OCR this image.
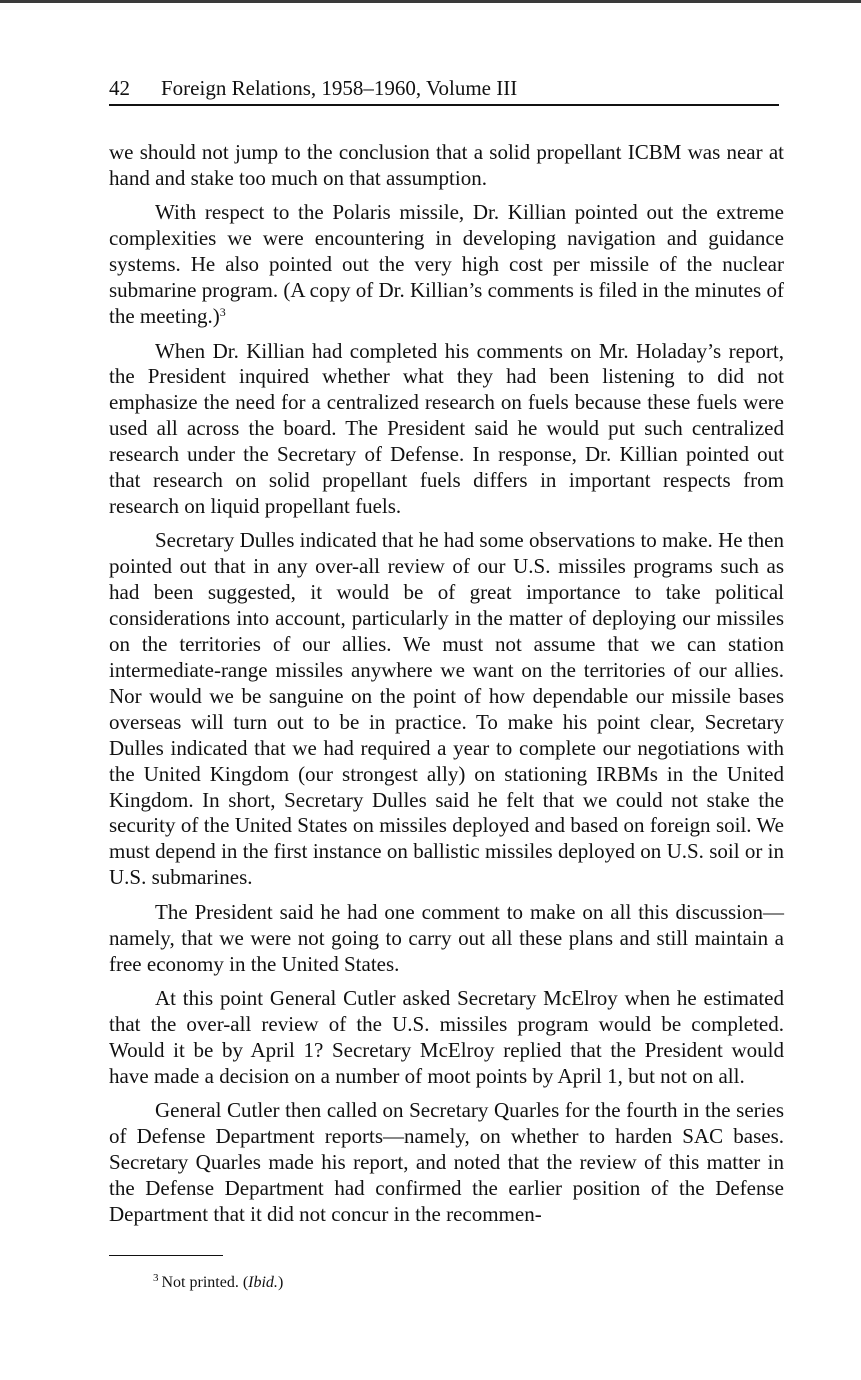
42 Foreign Relations, 1958–1960, Volume III

we should not jump to the conclusion that a solid propellant ICBM was near at hand and stake too much on that assumption.

With respect to the Polaris missile, Dr. Killian pointed out the extreme complexities we were encountering in developing navigation and guidance systems. He also pointed out the very high cost per missile of the nuclear submarine program. (A copy of Dr. Killian’s comments is filed in the minutes of the meeting.)$^3$

When Dr. Killian had completed his comments on Mr. Holaday’s report, the President inquired whether what they had been listening to did not emphasize the need for a centralized research on fuels because these fuels were used all across the board. The President said he would put such centralized research under the Secretary of Defense. In response, Dr. Killian pointed out that research on solid propellant fuels differs in important respects from research on liquid propellant fuels.

Secretary Dulles indicated that he had some observations to make. He then pointed out that in any over-all review of our U.S. missiles programs such as had been suggested, it would be of great importance to take political considerations into account, particularly in the matter of deploying our missiles on the territories of our allies. We must not assume that we can station intermediate-range missiles anywhere we want on the territories of our allies. Nor would we be sanguine on the point of how dependable our missile bases overseas will turn out to be in practice. To make his point clear, Secretary Dulles indicated that we had required a year to complete our negotiations with the United Kingdom (our strongest ally) on stationing IRBMs in the United Kingdom. In short, Secretary Dulles said he felt that we could not stake the security of the United States on missiles deployed and based on foreign soil. We must depend in the first instance on ballistic missiles deployed on U.S. soil or in U.S. submarines.

The President said he had one comment to make on all this discussion—namely, that we were not going to carry out all these plans and still maintain a free economy in the United States.

At this point General Cutler asked Secretary McElroy when he estimated that the over-all review of the U.S. missiles program would be completed. Would it be by April 1? Secretary McElroy replied that the President would have made a decision on a number of moot points by April 1, but not on all.

General Cutler then called on Secretary Quarles for the fourth in the series of Defense Department reports—namely, on whether to harden SAC bases. Secretary Quarles made his report, and noted that the review of this matter in the Defense Department had confirmed the earlier position of the Defense Department that it did not concur in the recommen-

$^3$ Not printed. (Ibid.)
